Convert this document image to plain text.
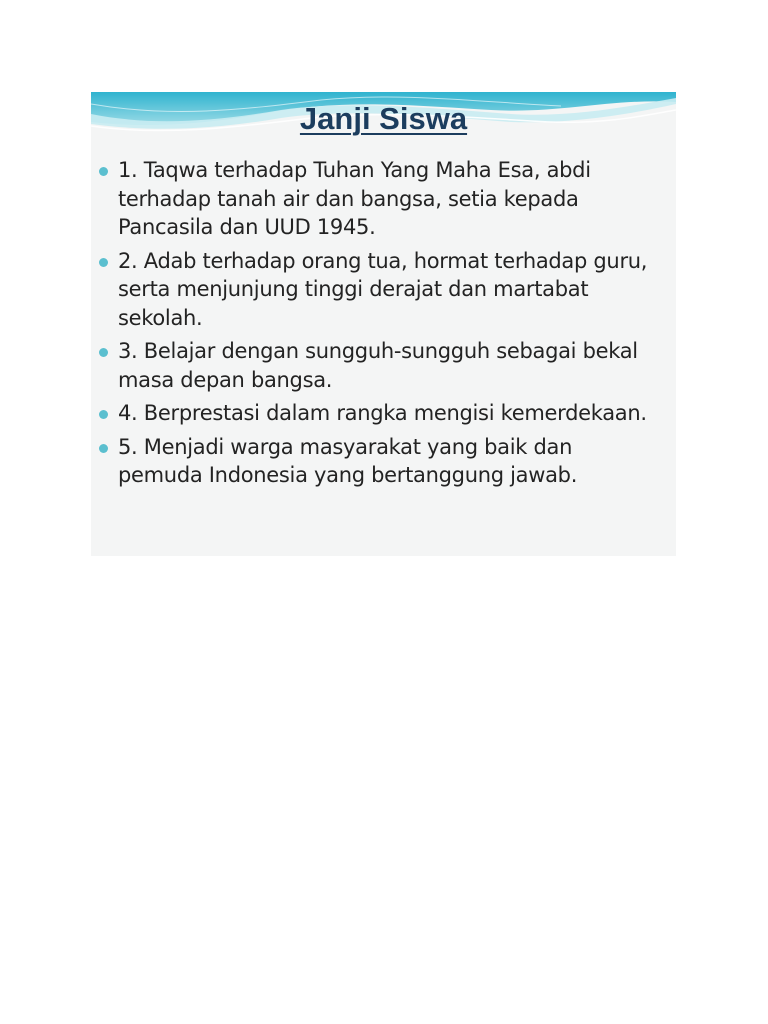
Janji Siswa
1. Taqwa terhadap Tuhan Yang Maha Esa, abdi terhadap tanah air dan bangsa, setia kepada Pancasila dan UUD 1945.
2. Adab terhadap orang tua, hormat terhadap guru, serta menjunjung tinggi derajat dan martabat sekolah.
3. Belajar dengan sungguh-sungguh sebagai bekal masa depan bangsa.
4. Berprestasi dalam rangka mengisi kemerdekaan.
5. Menjadi warga masyarakat yang baik dan pemuda Indonesia yang bertanggung jawab.
